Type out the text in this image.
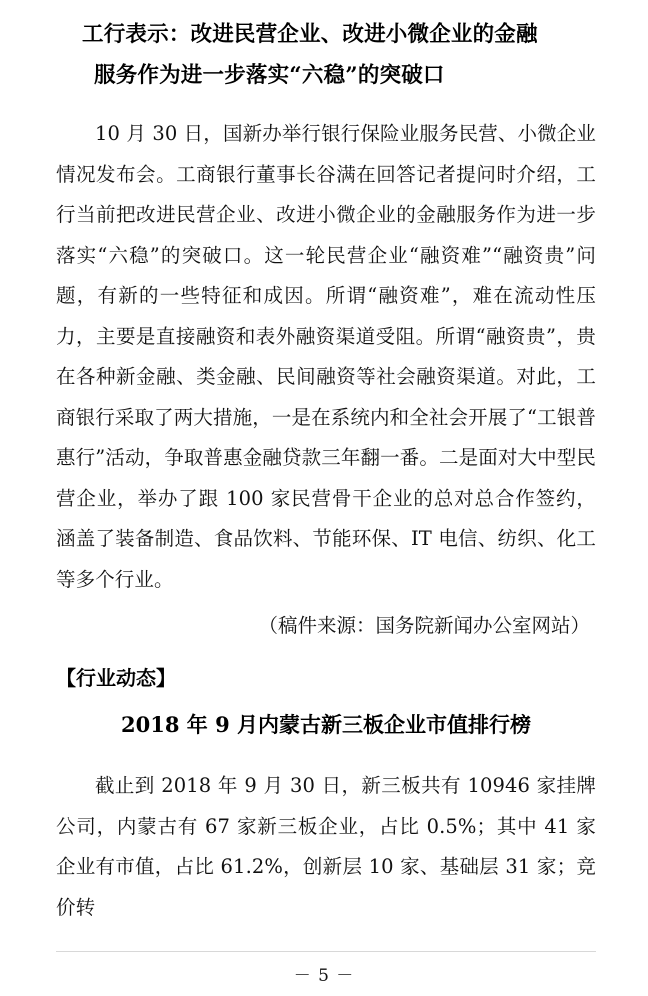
工行表示：改进民营企业、改进小微企业的金融
服务作为进一步落实“六稳”的突破口

10 月 30 日，国新办举行银行保险业服务民营、小微企业情况发布会。工商银行董事长谷满在回答记者提问时介绍，工行当前把改进民营企业、改进小微企业的金融服务作为进一步落实“六稳”的突破口。这一轮民营企业“融资难”“融资贵”问题，有新的一些特征和成因。所谓“融资难”，难在流动性压力，主要是直接融资和表外融资渠道受阻。所谓“融资贵”，贵在各种新金融、类金融、民间融资等社会融资渠道。对此，工商银行采取了两大措施，一是在系统内和全社会开展了“工银普惠行”活动，争取普惠金融贷款三年翻一番。二是面对大中型民营企业，举办了跟 100 家民营骨干企业的总对总合作签约，涵盖了装备制造、食品饮料、节能环保、IT 电信、纺织、化工等多个行业。

（稿件来源：国务院新闻办公室网站）

【行业动态】

2018 年 9 月内蒙古新三板企业市值排行榜

截止到 2018 年 9 月 30 日，新三板共有 10946 家挂牌公司，内蒙古有 67 家新三板企业，占比 0.5%；其中 41 家企业有市值，占比 61.2%，创新层 10 家、基础层 31 家；竞价转

－ 5 －
